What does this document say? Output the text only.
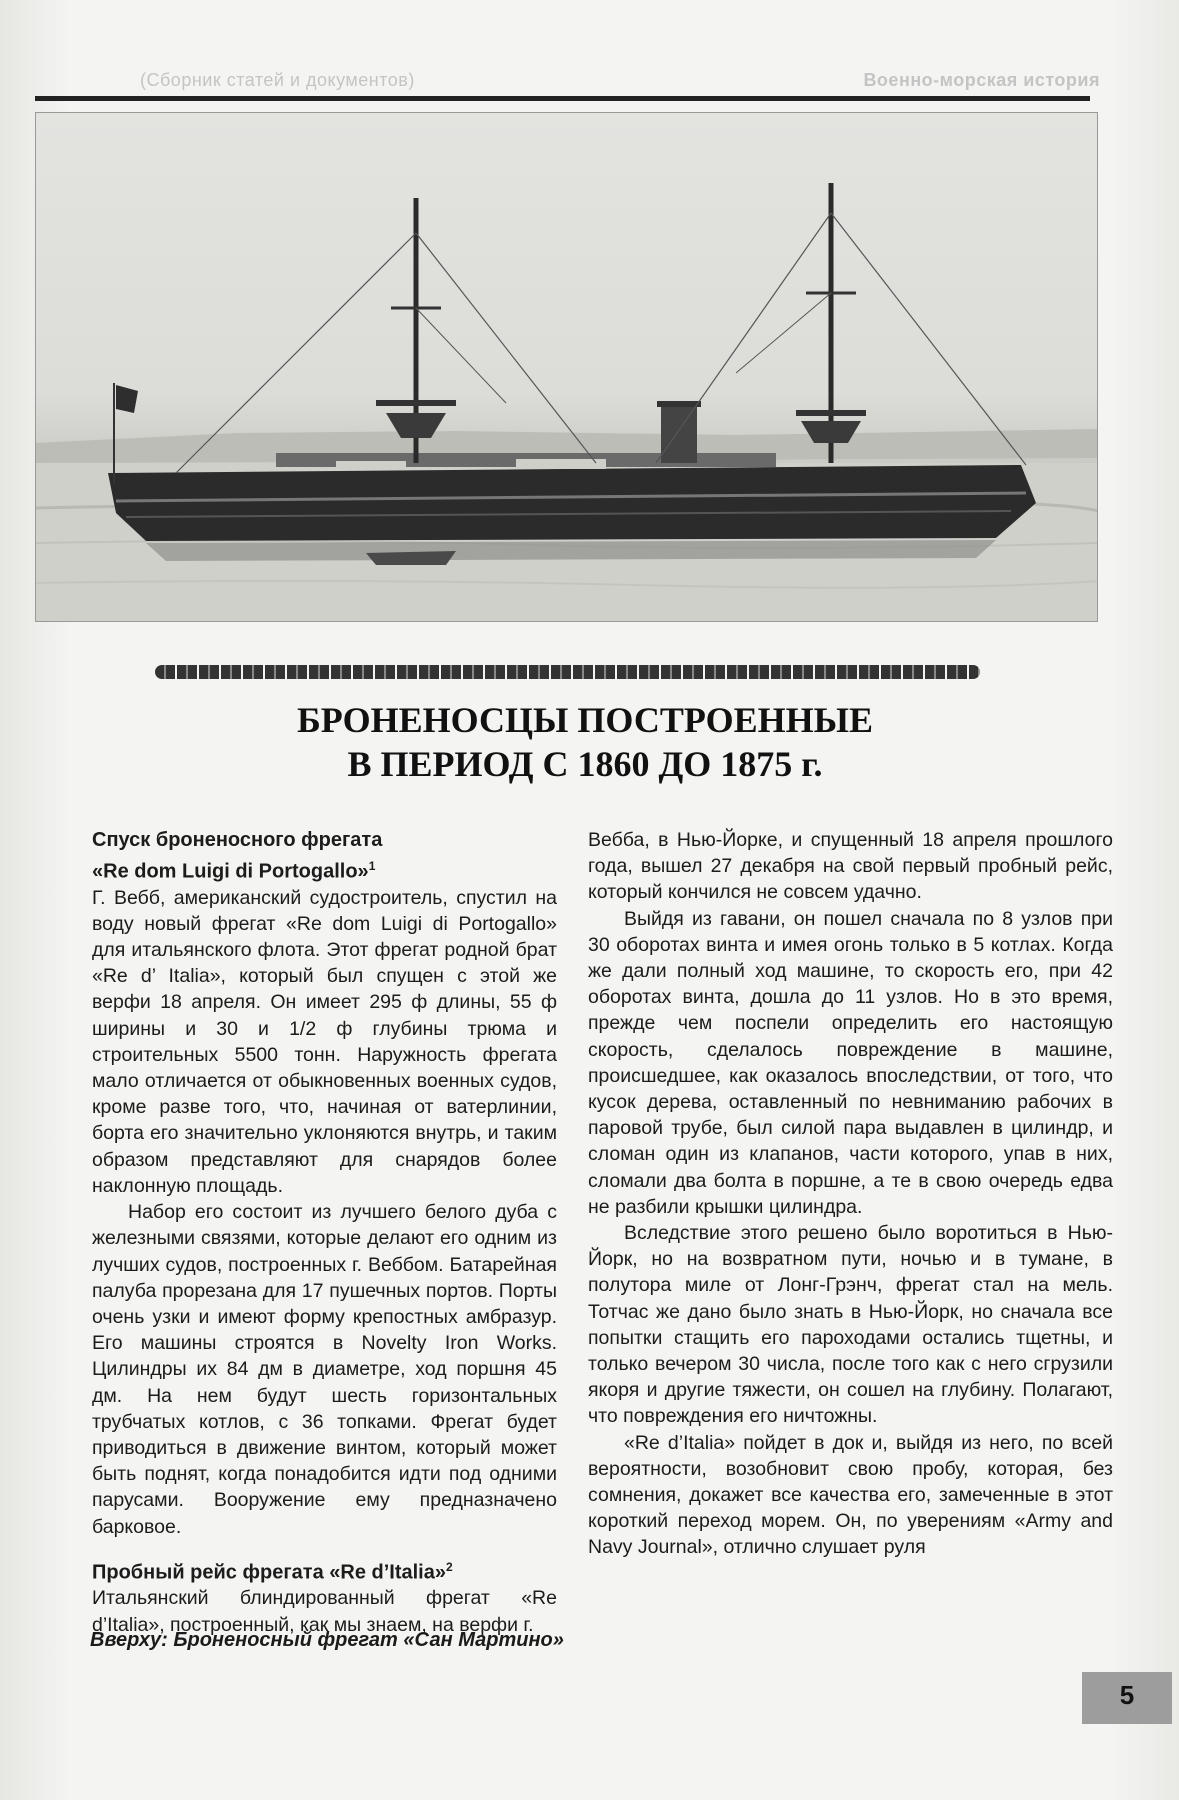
(Сборник статей и документов)	Военно-морская история
БРОНЕНОСЦЫ ПОСТРОЕННЫЕ
В ПЕРИОД С 1860 ДО 1875 г.
Спуск броненосного фрегата
«Re dom Luigi di Portogallo»$^1$

Г. Вебб, американский судостроитель, спустил на воду новый фрегат «Re dom Luigi di Portogallo» для итальянского флота. Этот фрегат родной брат «Re d’ Italia», который был спущен с этой же верфи 18 апреля. Он имеет 295 ф длины, 55 ф ширины и 30 и 1/2 ф глубины трюма и строительных 5500 тонн. Наружность фрегата мало отличается от обыкновенных военных судов, кроме разве того, что, начиная от ватерлинии, борта его значительно уклоняются внутрь, и таким образом представляют для снарядов более наклонную площадь.

Набор его состоит из лучшего белого дуба с железными связями, которые делают его одним из лучших судов, построенных г. Веббом. Батарейная палуба прорезана для 17 пушечных портов. Порты очень узки и имеют форму крепостных амбразур. Его машины строятся в Novelty Iron Works. Цилиндры их 84 дм в диаметре, ход поршня 45 дм. На нем будут шесть горизонтальных трубчатых котлов, с 36 топками. Фрегат будет приводиться в движение винтом, который может быть поднят, когда понадобится идти под одними парусами. Вооружение ему предназначено барковое.

Пробный рейс фрегата «Re d’Italia»$^2$

Итальянский блиндированный фрегат «Re d’Italia», построенный, как мы знаем, на верфи г.

Вебба, в Нью-Йорке, и спущенный 18 апреля прошлого года, вышел 27 декабря на свой первый пробный рейс, который кончился не совсем удачно.

Выйдя из гавани, он пошел сначала по 8 узлов при 30 оборотах винта и имея огонь только в 5 котлах. Когда же дали полный ход машине, то скорость его, при 42 оборотах винта, дошла до 11 узлов. Но в это время, прежде чем поспели определить его настоящую скорость, сделалось повреждение в машине, происшедшее, как оказалось впоследствии, от того, что кусок дерева, оставленный по невниманию рабочих в паровой трубе, был силой пара выдавлен в цилиндр, и сломан один из клапанов, части которого, упав в них, сломали два болта в поршне, а те в свою очередь едва не разбили крышки цилиндра.

Вследствие этого решено было воротиться в Нью-Йорк, но на возвратном пути, ночью и в тумане, в полутора миле от Лонг-Грэнч, фрегат стал на мель. Тотчас же дано было знать в Нью-Йорк, но сначала все попытки стащить его пароходами остались тщетны, и только вечером 30 числа, после того как с него сгрузили якоря и другие тяжести, он сошел на глубину. Полагают, что повреждения его ничтожны.

«Re d’Italia» пойдет в док и, выйдя из него, по всей вероятности, возобновит свою пробу, которая, без сомнения, докажет все качества его, замеченные в этот короткий переход морем. Он, по уверениям «Army and Navy Journal», отлично слушает руля

Вверху: Броненосный фрегат «Сан Мартино»
5
